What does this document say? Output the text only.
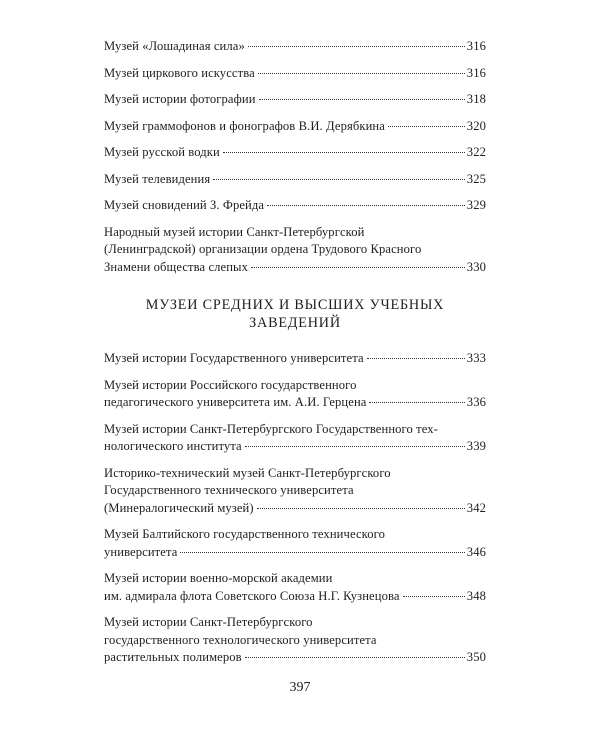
Музей «Лошадиная сила»	316
Музей циркового искусства	316
Музей истории фотографии	318
Музей граммофонов и фонографов В.И. Дерябкина	320
Музей русской водки	322
Музей телевидения	325
Музей сновидений З. Фрейда	329
Народный музей истории Санкт-Петербургской
(Ленинградской) организации ордена Трудового Красного
Знамени общества слепых	330
МУЗЕИ СРЕДНИХ И ВЫСШИХ УЧЕБНЫХ
ЗАВЕДЕНИЙ
Музей истории Государственного университета	333
Музей истории Российского государственного
педагогического университета им. А.И. Герцена	336
Музей истории Санкт-Петербургского Государственного тех-
нологического института	339
Историко-технический музей Санкт-Петербургского
Государственного технического университета
(Минералогический музей)	342
Музей Балтийского государственного технического
университета	346
Музей истории военно-морской академии
им. адмирала флота Советского Союза Н.Г. Кузнецова	348
Музей истории Санкт-Петербургского
государственного технологического университета
растительных полимеров	350
397
